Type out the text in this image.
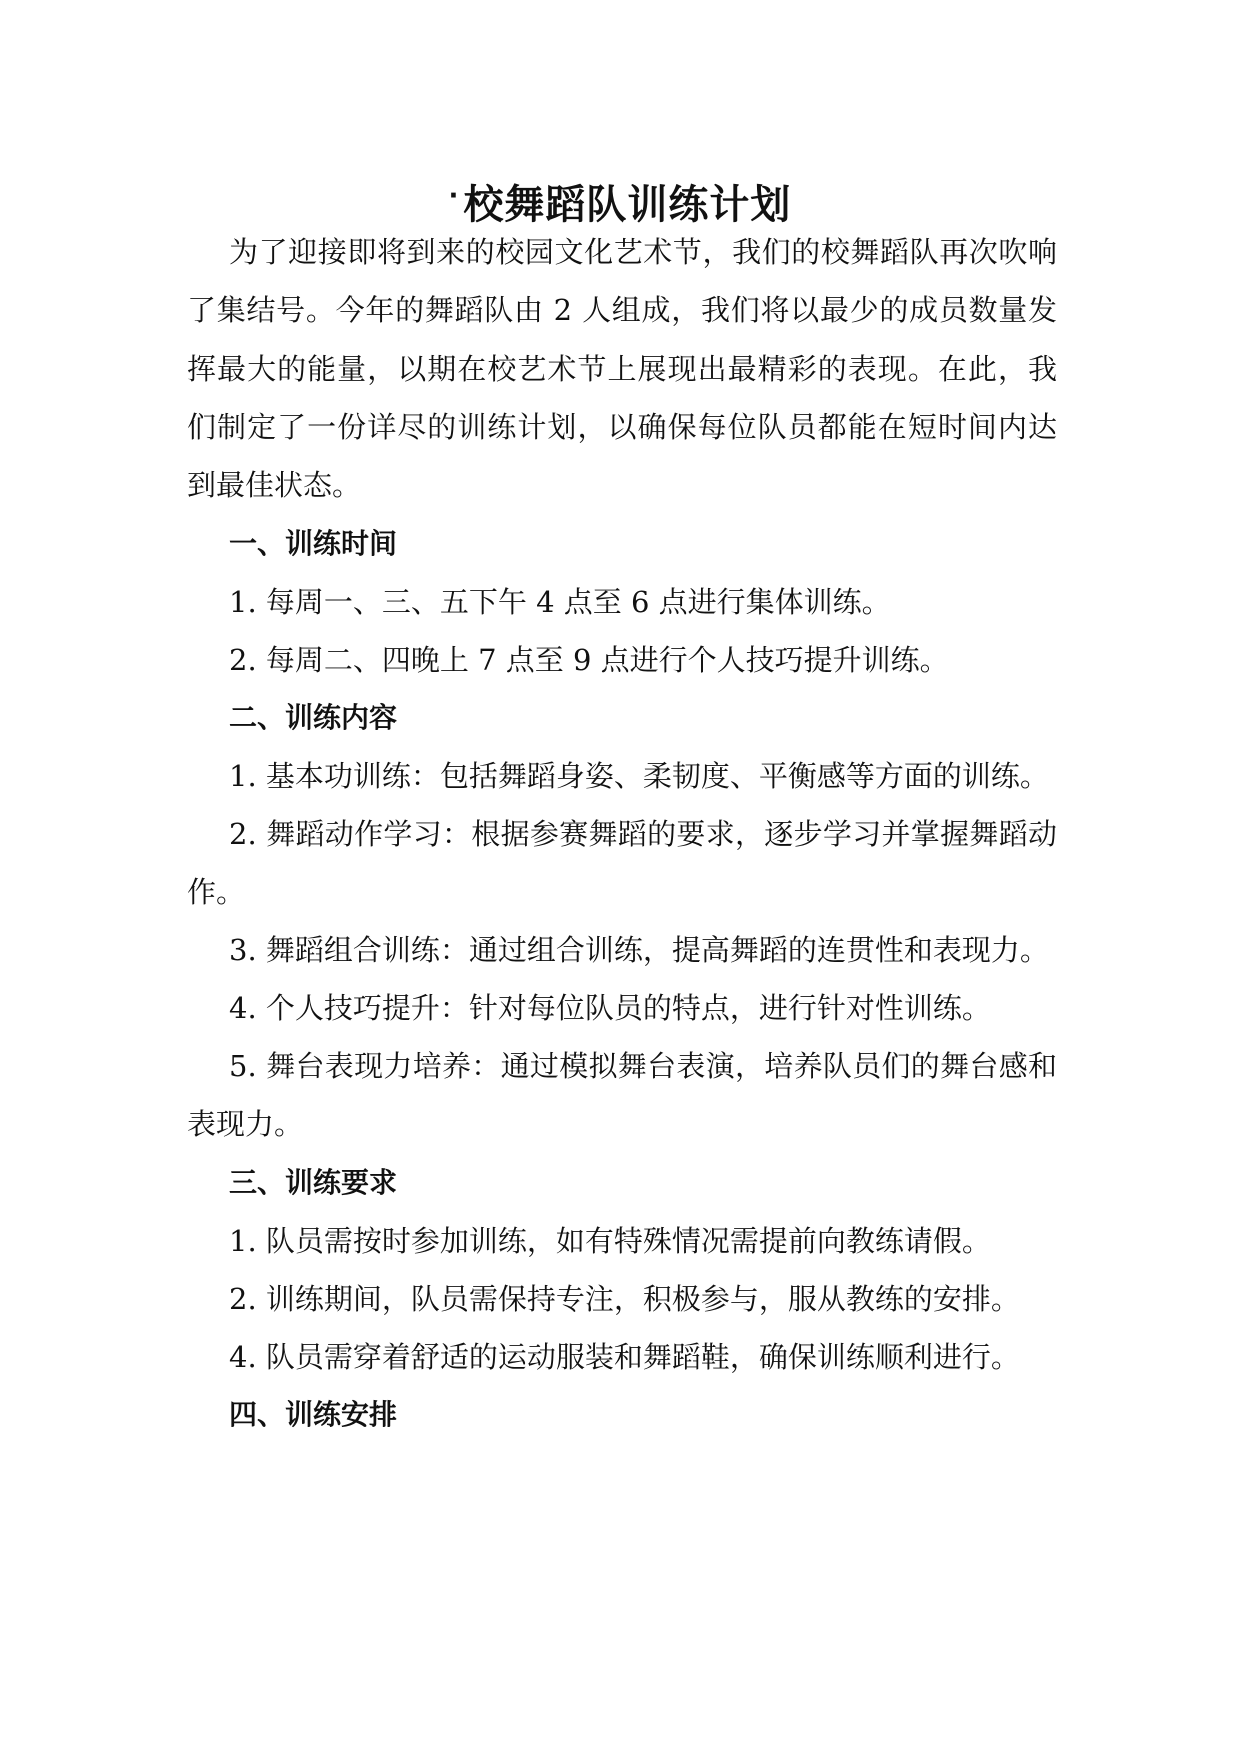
· 校舞蹈队训练计划

为了迎接即将到来的校园文化艺术节，我们的校舞蹈队再次吹响

了集结号。今年的舞蹈队由 2 人组成，我们将以最少的成员数量发

挥最大的能量，以期在校艺术节上展现出最精彩的表现。在此，我

们制定了一份详尽的训练计划，以确保每位队员都能在短时间内达

到最佳状态。

一、训练时间

1. 每周一、三、五下午 4 点至 6 点进行集体训练。

2. 每周二、四晚上 7 点至 9 点进行个人技巧提升训练。

二、训练内容

1. 基本功训练：包括舞蹈身姿、柔韧度、平衡感等方面的训练。

2. 舞蹈动作学习：根据参赛舞蹈的要求，逐步学习并掌握舞蹈动

作。

3. 舞蹈组合训练：通过组合训练，提高舞蹈的连贯性和表现力。

4. 个人技巧提升：针对每位队员的特点，进行针对性训练。

5. 舞台表现力培养：通过模拟舞台表演，培养队员们的舞台感和

表现力。

三、训练要求

1. 队员需按时参加训练，如有特殊情况需提前向教练请假。

2. 训练期间，队员需保持专注，积极参与，服从教练的安排。

4. 队员需穿着舒适的运动服装和舞蹈鞋，确保训练顺利进行。

四、训练安排
